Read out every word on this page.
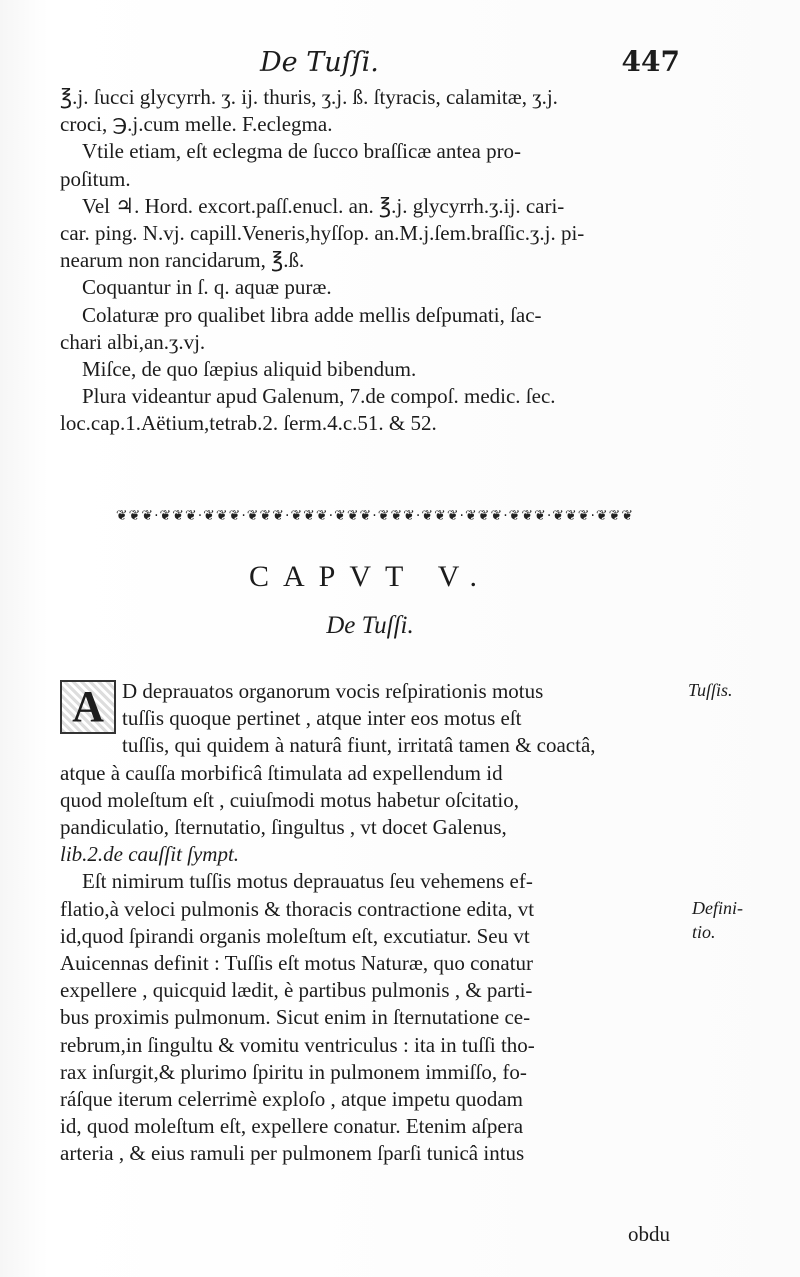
De Tuſſi.	447

℥.j. ſucci glycyrrh. ʒ. ij. thuris, ʒ.j. ß. ſtyracis, calamitæ, ʒ.j.

croci, ℈.j.cum melle. F.eclegma.

Vtile etiam, eſt eclegma de ſucco braſſicæ antea pro-

poſitum.

Vel ♃. Hord. excort.paſſ.enucl. an. ℥.j. glycyrrh.ʒ.ij. cari-

car. ping. N.vj. capill.Veneris,hyſſop. an.M.j.ſem.braſſic.ʒ.j. pi-

nearum non rancidarum, ℥.ß.

Coquantur in ſ. q. aquæ puræ.

Colaturæ pro qualibet libra adde mellis deſpumati, ſac-

chari albi,an.ʒ.vj.

Miſce, de quo ſæpius aliquid bibendum.

Plura videantur apud Galenum, 7.de compoſ. medic. ſec.

loc.cap.1.Aëtium,tetrab.2. ſerm.4.c.51. & 52.

❦❦❦·❦❦❦·❦❦❦·❦❦❦·❦❦❦·❦❦❦·❦❦❦·❦❦❦·❦❦❦·❦❦❦·❦❦❦·❦❦❦
CAPVT V.
De Tuſſi.
A D deprauatos organorum vocis reſpirationis motus

tuſſis quoque pertinet , atque inter eos motus eſt

tuſſis, qui quidem à naturâ fiunt, irritatâ tamen & coactâ,

atque à cauſſa morbificâ ſtimulata ad expellendum id

quod moleſtum eſt , cuiuſmodi motus habetur oſcitatio,

pandiculatio, ſternutatio, ſingultus , vt docet Galenus,

lib.2.de cauſſit ſympt.

Eſt nimirum tuſſis motus deprauatus ſeu vehemens ef-

flatio,à veloci pulmonis & thoracis contractione edita, vt

id,quod ſpirandi organis moleſtum eſt, excutiatur. Seu vt

Auicennas definit : Tuſſis eſt motus Naturæ, quo conatur

expellere , quicquid lædit, è partibus pulmonis , & parti-

bus proximis pulmonum. Sicut enim in ſternutatione ce-

rebrum,in ſingultu & vomitu ventriculus : ita in tuſſi tho-

rax inſurgit,& plurimo ſpiritu in pulmonem immiſſo, fo-

ráſque iterum celerrimè exploſo , atque impetu quodam

id, quod moleſtum eſt, expellere conatur. Etenim aſpera

arteria , & eius ramuli per pulmonem ſparſi tunicâ intus

Tuſſis.
Defini-
tio.
obdu
